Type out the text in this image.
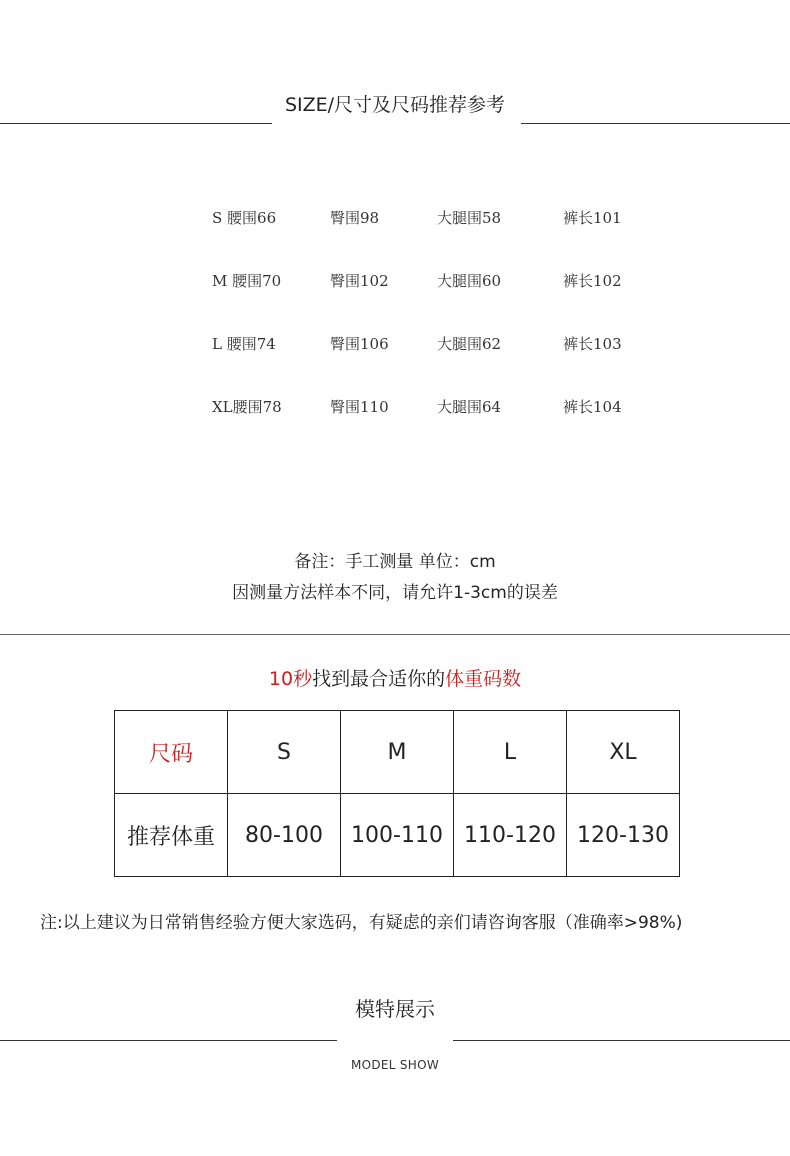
SIZE/尺寸及尺码推荐参考
S 腰围66	臀围98	大腿围58	裤长101
M 腰围70	臀围102	大腿围60	裤长102
L 腰围74	臀围106	大腿围62	裤长103
XL腰围78	臀围110	大腿围64	裤长104
备注：手工测量 单位：cm
因测量方法样本不同，请允许1-3cm的误差
10秒找到最合适你的体重码数
尺码	S	M	L	XL
推荐体重	80-100	100-110	110-120	120-130
注:以上建议为日常销售经验方便大家选码，有疑虑的亲们请咨询客服（准确率>98%)
模特展示
MODEL SHOW
